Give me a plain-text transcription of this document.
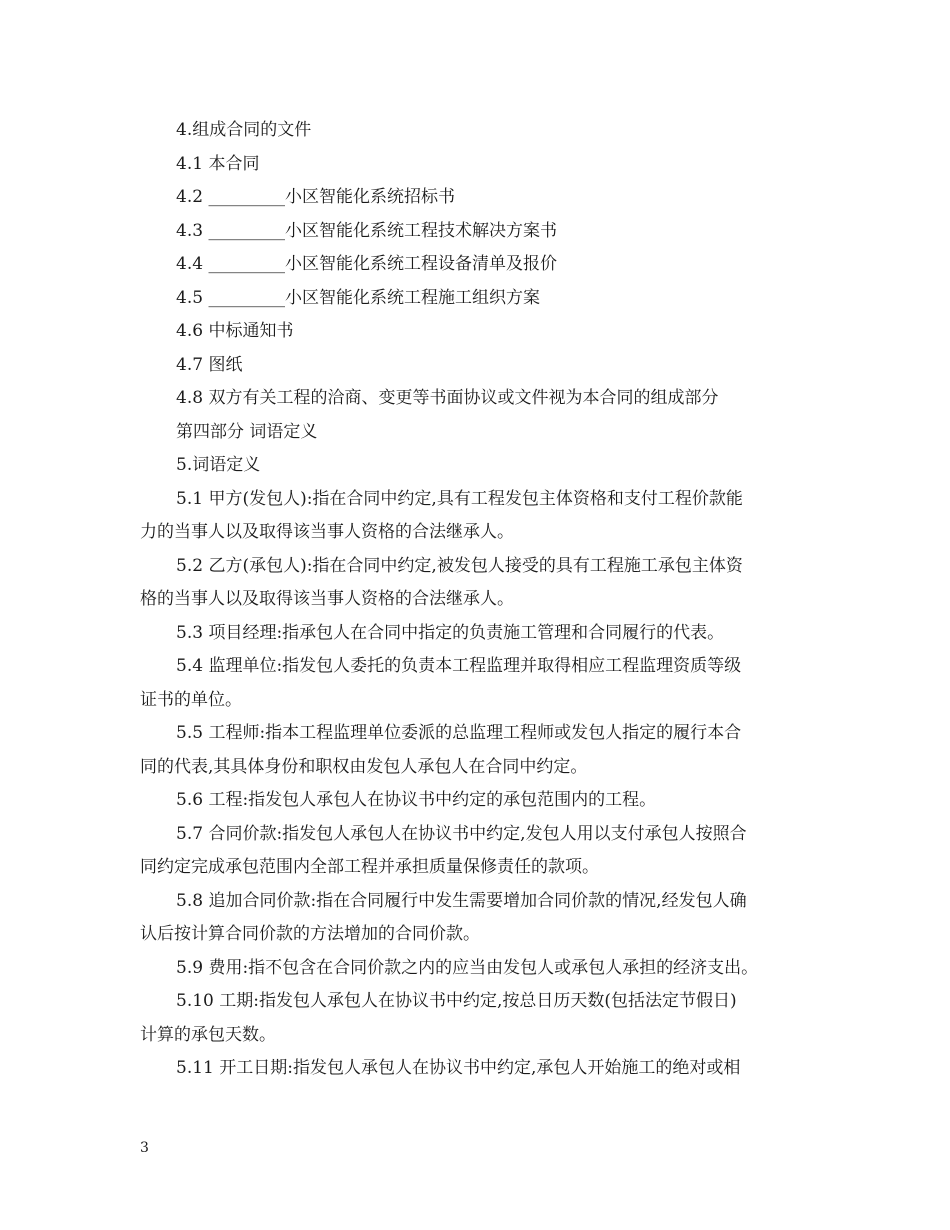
4.组成合同的文件

4.1 本合同

4.2 _________小区智能化系统招标书

4.3 _________小区智能化系统工程技术解决方案书

4.4 _________小区智能化系统工程设备清单及报价

4.5 _________小区智能化系统工程施工组织方案

4.6 中标通知书

4.7 图纸

4.8 双方有关工程的洽商、变更等书面协议或文件视为本合同的组成部分

第四部分 词语定义

5.词语定义

5.1 甲方(发包人):指在合同中约定,具有工程发包主体资格和支付工程价款能

力的当事人以及取得该当事人资格的合法继承人。

5.2 乙方(承包人):指在合同中约定,被发包人接受的具有工程施工承包主体资

格的当事人以及取得该当事人资格的合法继承人。

5.3 项目经理:指承包人在合同中指定的负责施工管理和合同履行的代表。

5.4 监理单位:指发包人委托的负责本工程监理并取得相应工程监理资质等级

证书的单位。

5.5 工程师:指本工程监理单位委派的总监理工程师或发包人指定的履行本合

同的代表,其具体身份和职权由发包人承包人在合同中约定。

5.6 工程:指发包人承包人在协议书中约定的承包范围内的工程。

5.7 合同价款:指发包人承包人在协议书中约定,发包人用以支付承包人按照合

同约定完成承包范围内全部工程并承担质量保修责任的款项。

5.8 追加合同价款:指在合同履行中发生需要增加合同价款的情况,经发包人确

认后按计算合同价款的方法增加的合同价款。

5.9 费用:指不包含在合同价款之内的应当由发包人或承包人承担的经济支出。

5.10 工期:指发包人承包人在协议书中约定,按总日历天数(包括法定节假日)

计算的承包天数。

5.11 开工日期:指发包人承包人在协议书中约定,承包人开始施工的绝对或相

3
